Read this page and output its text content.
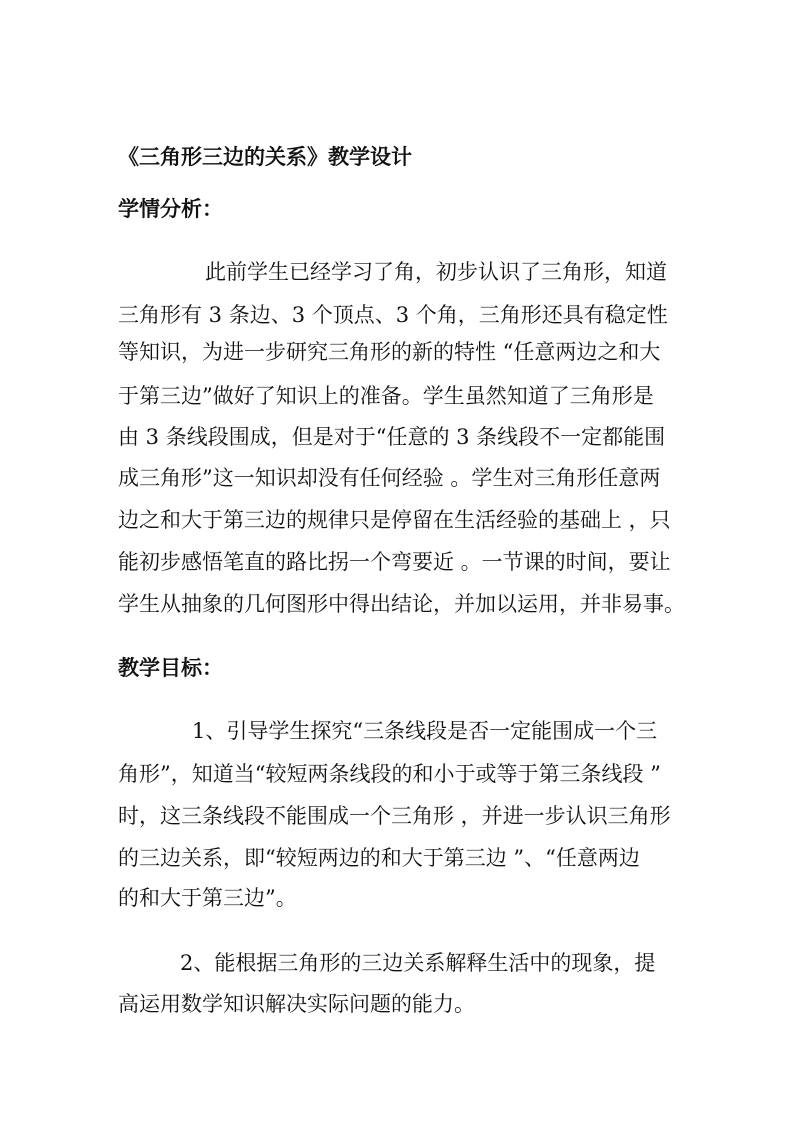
《三角形三边的关系》教学设计
学情分析：
此前学生已经学习了角，初步认识了三角形，知道
三角形有 3 条边、3 个顶点、3 个角，三角形还具有稳定性
等知识，为进一步研究三角形的新的特性 “任意两边之和大
于第三边”做好了知识上的准备。学生虽然知道了三角形是
由 3 条线段围成，但是对于“任意的 3 条线段不一定都能围
成三角形”这一知识却没有任何经验 。学生对三角形任意两
边之和大于第三边的规律只是停留在生活经验的基础上 ，只
能初步感悟笔直的路比拐一个弯要近 。一节课的时间，要让
学生从抽象的几何图形中得出结论，并加以运用，并非易事。
教学目标：
1、引导学生探究“三条线段是否一定能围成一个三
角形”，知道当“较短两条线段的和小于或等于第三条线段 ”
时，这三条线段不能围成一个三角形 ，并进一步认识三角形
的三边关系，即“较短两边的和大于第三边 ”、“任意两边
的和大于第三边”。
2、能根据三角形的三边关系解释生活中的现象，提
高运用数学知识解决实际问题的能力。
